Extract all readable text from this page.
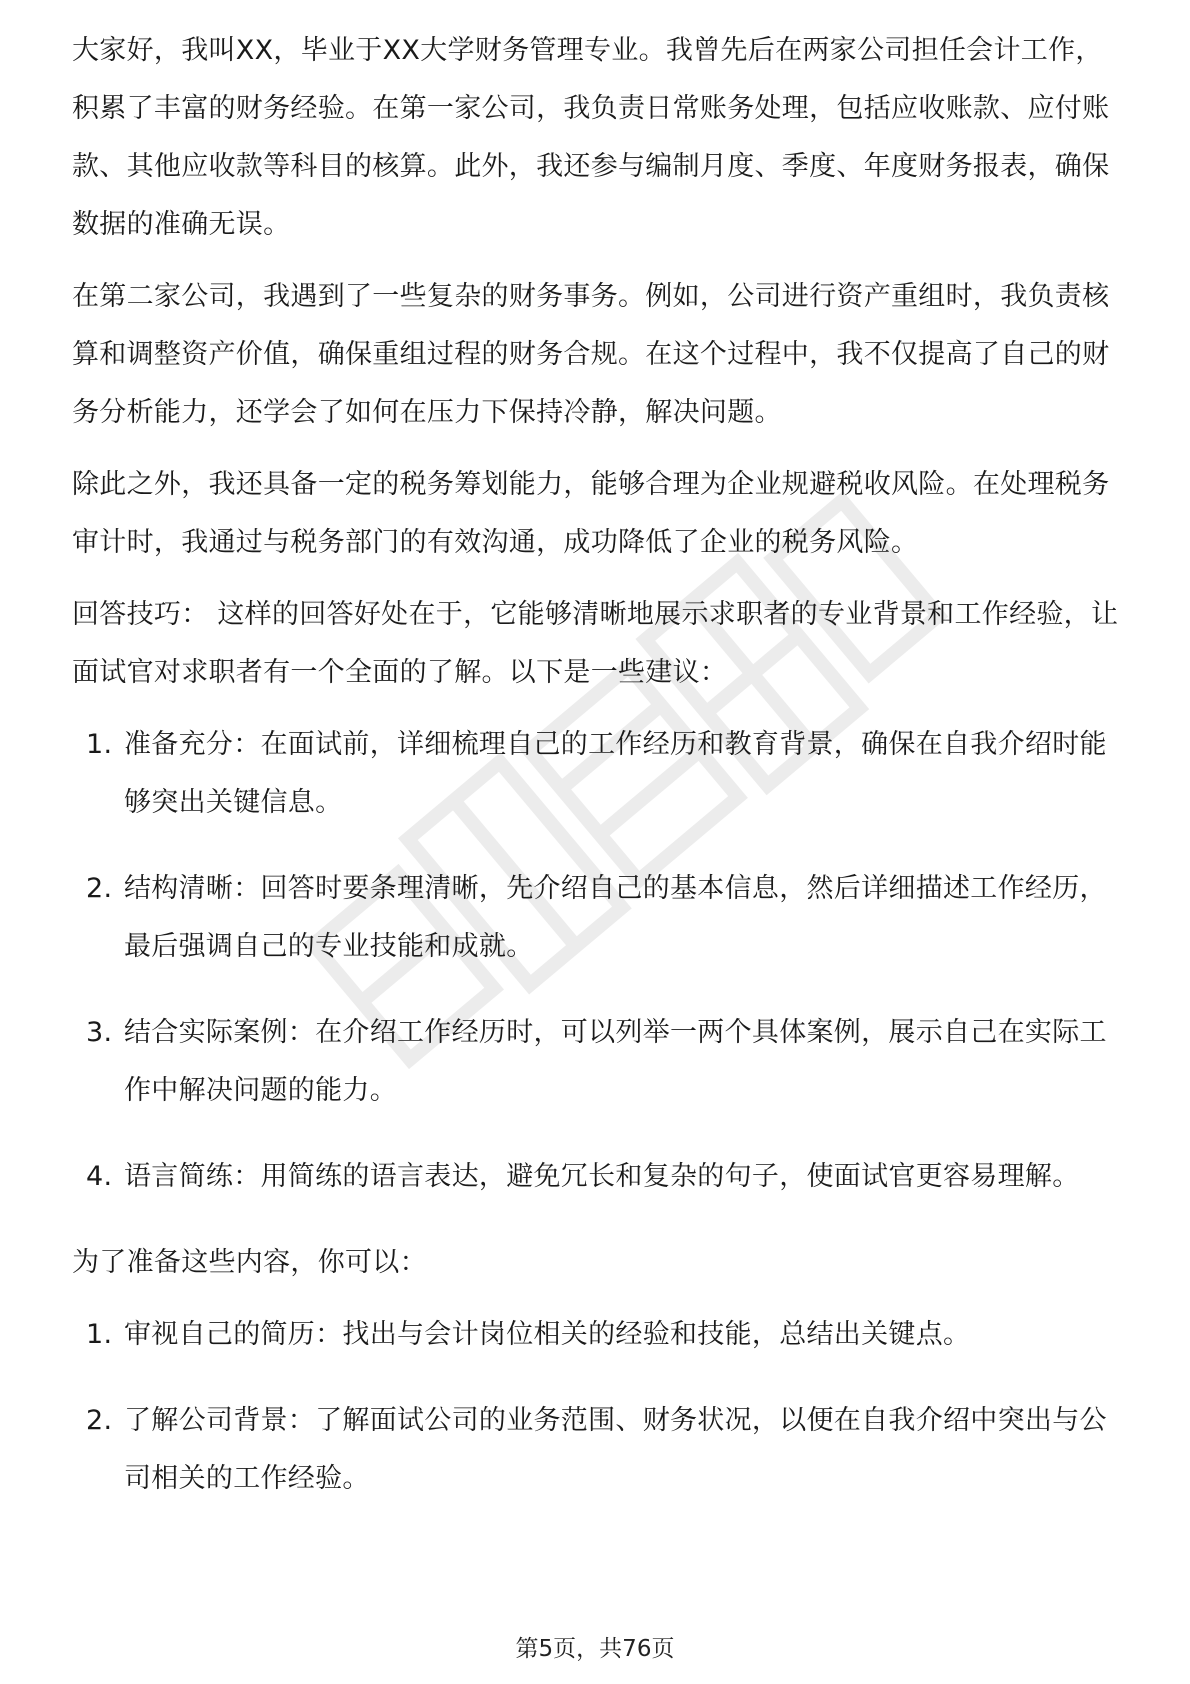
大家好，我叫XX，毕业于XX大学财务管理专业。我曾先后在两家公司担任会计工作，积累了丰富的财务经验。在第一家公司，我负责日常账务处理，包括应收账款、应付账款、其他应收款等科目的核算。此外，我还参与编制月度、季度、年度财务报表，确保数据的准确无误。

在第二家公司，我遇到了一些复杂的财务事务。例如，公司进行资产重组时，我负责核算和调整资产价值，确保重组过程的财务合规。在这个过程中，我不仅提高了自己的财务分析能力，还学会了如何在压力下保持冷静，解决问题。

除此之外，我还具备一定的税务筹划能力，能够合理为企业规避税收风险。在处理税务审计时，我通过与税务部门的有效沟通，成功降低了企业的税务风险。

回答技巧： 这样的回答好处在于，它能够清晰地展示求职者的专业背景和工作经验，让面试官对求职者有一个全面的了解。以下是一些建议：

1. 准备充分：在面试前，详细梳理自己的工作经历和教育背景，确保在自我介绍时能够突出关键信息。
2. 结构清晰：回答时要条理清晰，先介绍自己的基本信息，然后详细描述工作经历，最后强调自己的专业技能和成就。
3. 结合实际案例：在介绍工作经历时，可以列举一两个具体案例，展示自己在实际工作中解决问题的能力。
4. 语言简练：用简练的语言表达，避免冗长和复杂的句子，使面试官更容易理解。

为了准备这些内容，你可以：

1. 审视自己的简历：找出与会计岗位相关的经验和技能，总结出关键点。
2. 了解公司背景：了解面试公司的业务范围、财务状况，以便在自我介绍中突出与公司相关的工作经验。
第5页，共76页
